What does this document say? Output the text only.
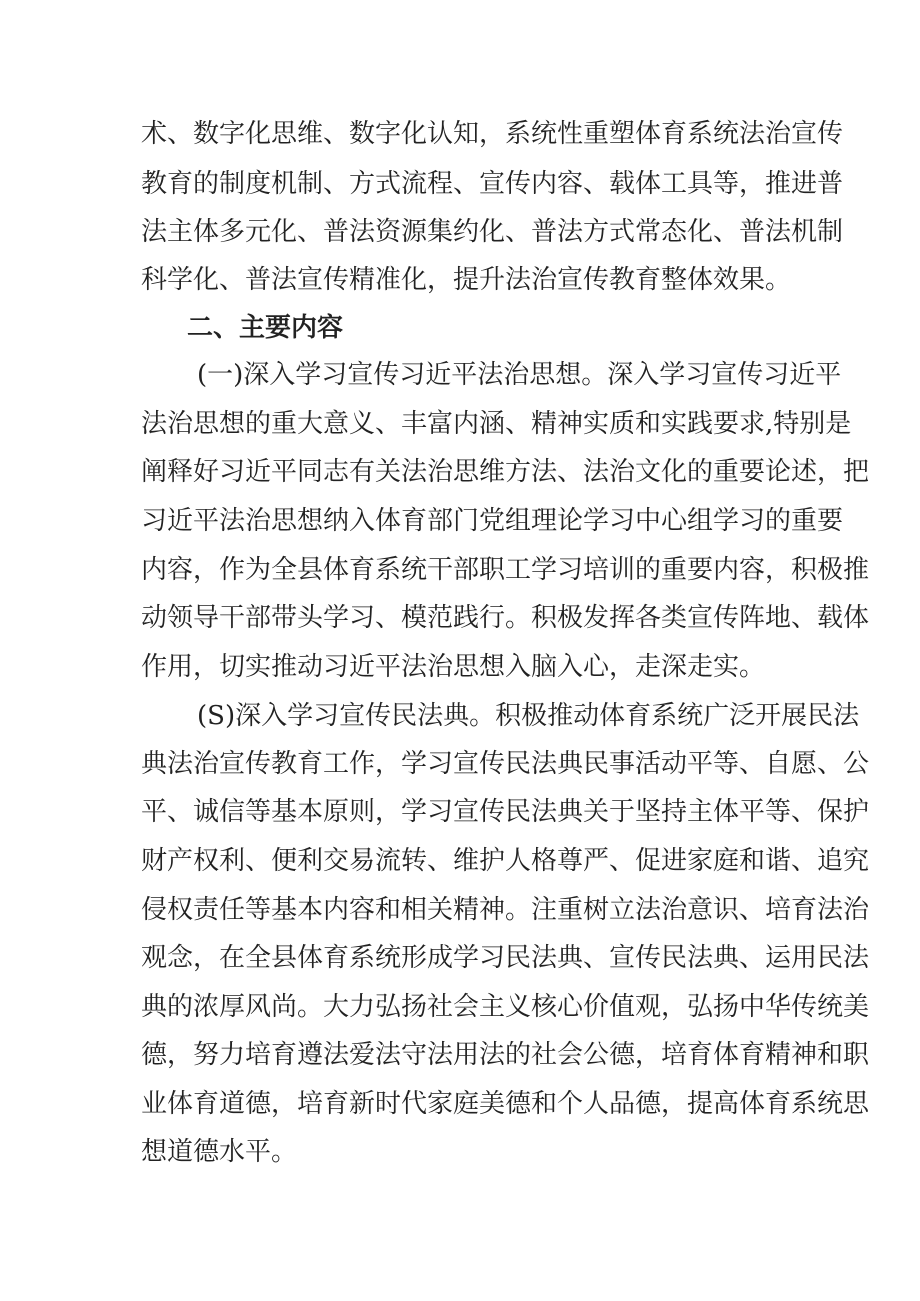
术、数字化思维、数字化认知，系统性重塑体育系统法治宣传
教育的制度机制、方式流程、宣传内容、载体工具等，推进普
法主体多元化、普法资源集约化、普法方式常态化、普法机制
科学化、普法宣传精准化，提升法治宣传教育整体效果。
二、主要内容
(一)深入学习宣传习近平法治思想。深入学习宣传习近平
法治思想的重大意义、丰富内涵、精神实质和实践要求,特别是
阐释好习近平同志有关法治思维方法、法治文化的重要论述，把
习近平法治思想纳入体育部门党组理论学习中心组学习的重要
内容，作为全县体育系统干部职工学习培训的重要内容，积极推
动领导干部带头学习、模范践行。积极发挥各类宣传阵地、载体
作用，切实推动习近平法治思想入脑入心，走深走实。
(S)深入学习宣传民法典。积极推动体育系统广泛开展民法
典法治宣传教育工作，学习宣传民法典民事活动平等、自愿、公
平、诚信等基本原则，学习宣传民法典关于坚持主体平等、保护
财产权利、便利交易流转、维护人格尊严、促进家庭和谐、追究
侵权责任等基本内容和相关精神。注重树立法治意识、培育法治
观念，在全县体育系统形成学习民法典、宣传民法典、运用民法
典的浓厚风尚。大力弘扬社会主义核心价值观，弘扬中华传统美
德，努力培育遵法爱法守法用法的社会公德，培育体育精神和职
业体育道德，培育新时代家庭美德和个人品德，提高体育系统思
想道德水平。
